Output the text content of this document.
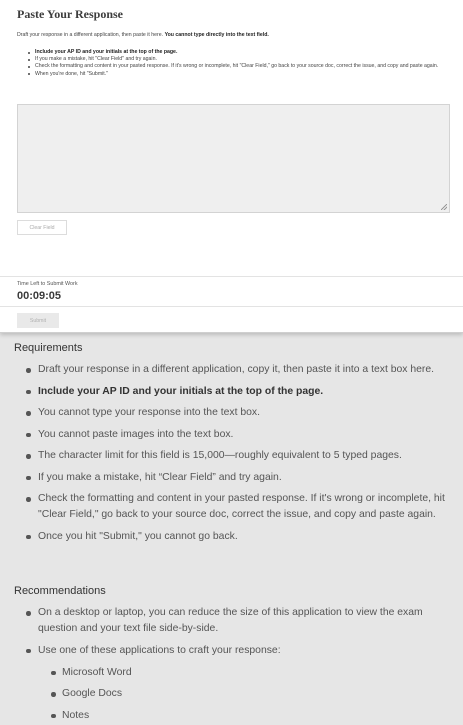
Paste Your Response
Draft your response in a different application, then paste it here. You cannot type directly into the text field.
Include your AP ID and your initials at the top of the page.
If you make a mistake, hit "Clear Field" and try again.
Check the formatting and content in your pasted response. If it's wrong or incomplete, hit "Clear Field," go back to your source doc, correct the issue, and copy and paste again.
When you're done, hit "Submit."
Clear Field
Time Left to Submit Work
00:09:05
Submit
Requirements
Draft your response in a different application, copy it, then paste it into a text box here.
Include your AP ID and your initials at the top of the page.
You cannot type your response into the text box.
You cannot paste images into the text box.
The character limit for this field is 15,000—roughly equivalent to 5 typed pages.
If you make a mistake, hit “Clear Field” and try again.
Check the formatting and content in your pasted response. If it's wrong or incomplete, hit "Clear Field," go back to your source doc, correct the issue, and copy and paste again.
Once you hit "Submit," you cannot go back.
Recommendations
On a desktop or laptop, you can reduce the size of this application to view the exam question and your text file side-by-side.
Use one of these applications to craft your response:
Microsoft Word
Google Docs
Notes
